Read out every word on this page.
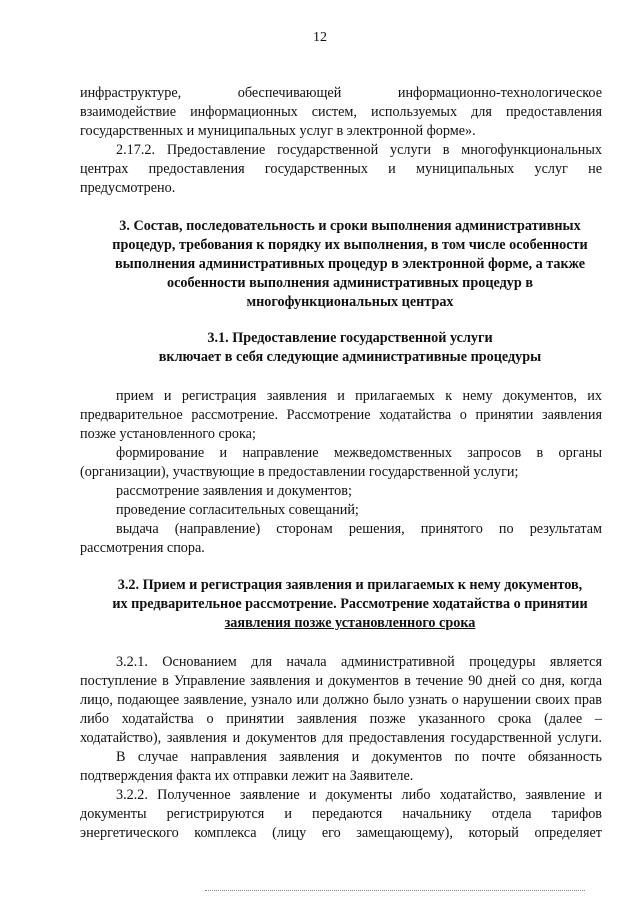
12
инфраструктуре, обеспечивающей информационно-технологическое
взаимодействие информационных систем, используемых для предоставления
государственных и муниципальных услуг в электронной форме».
2.17.2. Предоставление государственной услуги в многофункциональных
центрах предоставления государственных и муниципальных услуг не
предусмотрено.
3. Состав, последовательность и сроки выполнения административных
процедур, требования к порядку их выполнения, в том числе особенности
выполнения административных процедур в электронной форме, а также
особенности выполнения административных процедур в
многофункциональных центрах
3.1. Предоставление государственной услуги
включает в себя следующие административные процедуры
прием и регистрация заявления и прилагаемых к нему документов, их
предварительное рассмотрение. Рассмотрение ходатайства о принятии заявления
позже установленного срока;
формирование и направление межведомственных запросов в органы
(организации), участвующие в предоставлении государственной услуги;
рассмотрение заявления и документов;
проведение согласительных совещаний;
выдача (направление) сторонам решения, принятого по результатам
рассмотрения спора.
3.2. Прием и регистрация заявления и прилагаемых к нему документов,
их предварительное рассмотрение. Рассмотрение ходатайства о принятии
заявления позже установленного срока
3.2.1. Основанием для начала административной процедуры является
поступление в Управление заявления и документов в течение 90 дней со дня, когда
лицо, подающее заявление, узнало или должно было узнать о нарушении своих прав
либо ходатайства о принятии заявления позже указанного срока (далее –
ходатайство), заявления и документов для предоставления государственной услуги.
В случае направления заявления и документов по почте обязанность
подтверждения факта их отправки лежит на Заявителе.
3.2.2. Полученное заявление и документы либо ходатайство, заявление и
документы регистрируются и передаются начальнику отдела тарифов
энергетического комплекса (лицу его замещающему), который определяет
